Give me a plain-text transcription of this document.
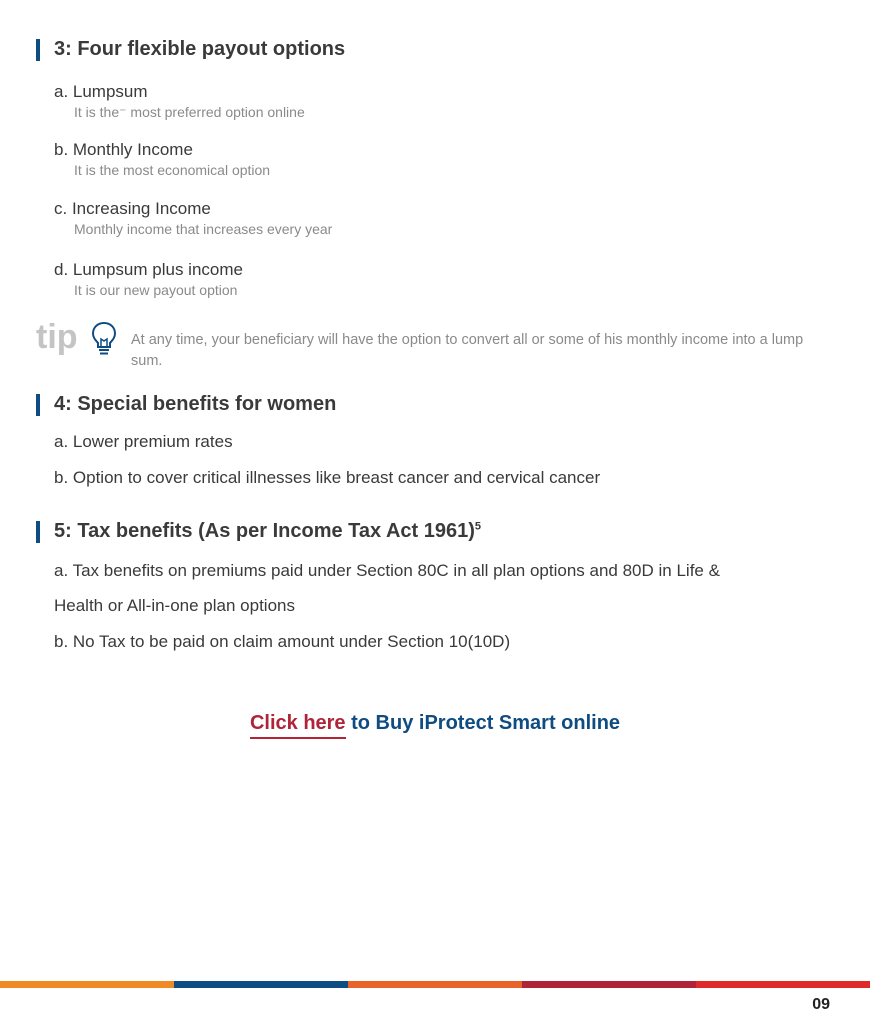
3: Four flexible payout options
a. Lumpsum
It is the⁻ most preferred option online
b. Monthly Income
It is the most economical option
c. Increasing Income
Monthly income that increases every year
d. Lumpsum plus income
It is our new payout option
tip	At any time, your beneficiary will have the option to convert all or some of his monthly income into a lump sum.
4: Special benefits for women
a. Lower premium rates
b. Option to cover critical illnesses like breast cancer and cervical cancer
5: Tax benefits (As per Income Tax Act 1961)$^5$
a. Tax benefits on premiums paid under Section 80C in all plan options and 80D in Life &
Health or All-in-one plan options
b. No Tax to be paid on claim amount under Section 10(10D)
Click here to Buy iProtect Smart online
09
